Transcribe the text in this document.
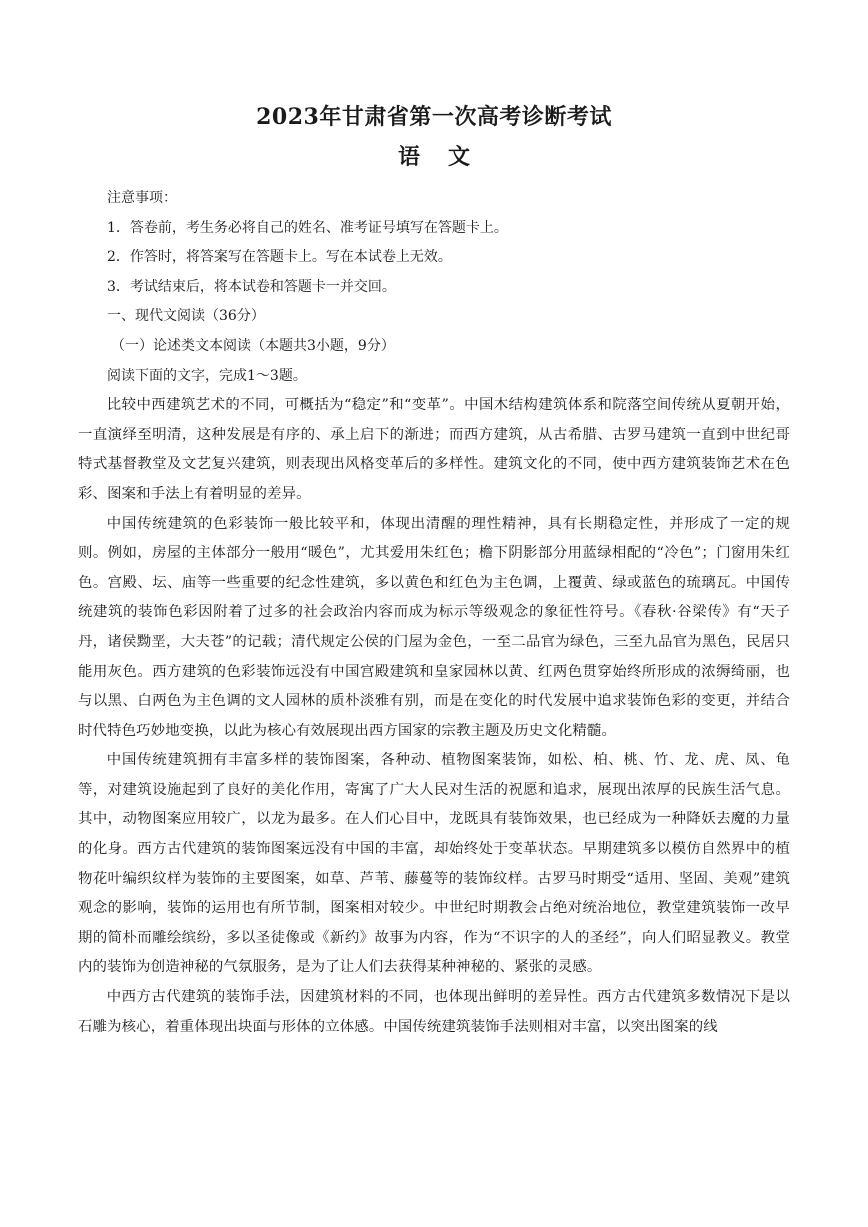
2023年甘肃省第一次高考诊断考试
语文

注意事项：

1．答卷前，考生务必将自己的姓名、准考证号填写在答题卡上。

2．作答时，将答案写在答题卡上。写在本试卷上无效。

3．考试结束后，将本试卷和答题卡一并交回。

一、现代文阅读（36分）

（一）论述类文本阅读（本题共3小题，9分）

阅读下面的文字，完成1～3题。

比较中西建筑艺术的不同，可概括为“稳定”和“变革”。中国木结构建筑体系和院落空间传统从夏朝开始，一直演绎至明清，这种发展是有序的、承上启下的渐进；而西方建筑，从古希腊、古罗马建筑一直到中世纪哥特式基督教堂及文艺复兴建筑，则表现出风格变革后的多样性。建筑文化的不同，使中西方建筑装饰艺术在色彩、图案和手法上有着明显的差异。

中国传统建筑的色彩装饰一般比较平和，体现出清醒的理性精神，具有长期稳定性，并形成了一定的规则。例如，房屋的主体部分一般用“暖色”，尤其爱用朱红色；檐下阴影部分用蓝绿相配的“冷色”；门窗用朱红色。宫殿、坛、庙等一些重要的纪念性建筑，多以黄色和红色为主色调，上覆黄、绿或蓝色的琉璃瓦。中国传统建筑的装饰色彩因附着了过多的社会政治内容而成为标示等级观念的象征性符号。《春秋·谷梁传》有“天子丹，诸侯黝垩，大夫苍”的记载；清代规定公侯的门屋为金色，一至二品官为绿色，三至九品官为黑色，民居只能用灰色。西方建筑的色彩装饰远没有中国宫殿建筑和皇家园林以黄、红两色贯穿始终所形成的浓缛绮丽，也与以黑、白两色为主色调的文人园林的质朴淡雅有别，而是在变化的时代发展中追求装饰色彩的变更，并结合时代特色巧妙地变换，以此为核心有效展现出西方国家的宗教主题及历史文化精髓。

中国传统建筑拥有丰富多样的装饰图案，各种动、植物图案装饰，如松、柏、桃、竹、龙、虎、凤、龟等，对建筑设施起到了良好的美化作用，寄寓了广大人民对生活的祝愿和追求，展现出浓厚的民族生活气息。其中，动物图案应用较广，以龙为最多。在人们心目中，龙既具有装饰效果，也已经成为一种降妖去魔的力量的化身。西方古代建筑的装饰图案远没有中国的丰富，却始终处于变革状态。早期建筑多以模仿自然界中的植物花叶编织纹样为装饰的主要图案，如草、芦苇、藤蔓等的装饰纹样。古罗马时期受“适用、坚固、美观”建筑观念的影响，装饰的运用也有所节制，图案相对较少。中世纪时期教会占绝对统治地位，教堂建筑装饰一改早期的简朴而雕绘缤纷，多以圣徒像或《新约》故事为内容，作为“不识字的人的圣经”，向人们昭显教义。教堂内的装饰为创造神秘的气氛服务，是为了让人们去获得某种神秘的、紧张的灵感。

中西方古代建筑的装饰手法，因建筑材料的不同，也体现出鲜明的差异性。西方古代建筑多数情况下是以石雕为核心，着重体现出块面与形体的立体感。中国传统建筑装饰手法则相对丰富，以突出图案的线
